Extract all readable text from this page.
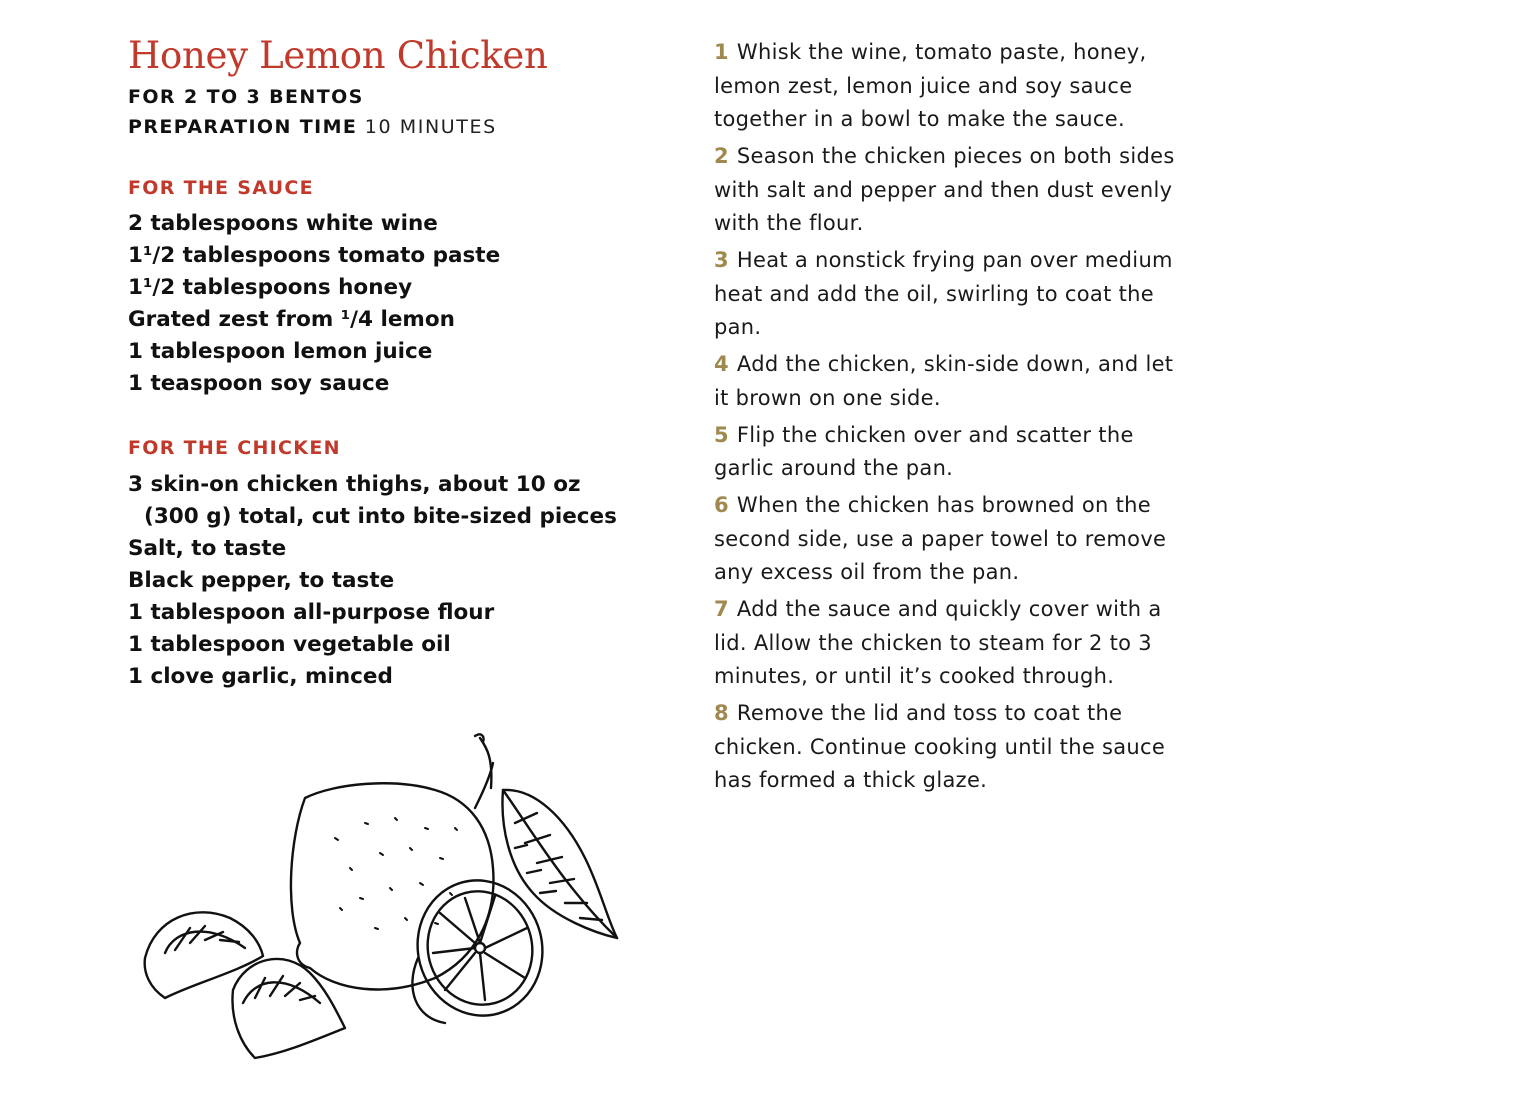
Honey Lemon Chicken
FOR 2 TO 3 BENTOS
PREPARATION TIME 10 MINUTES
FOR THE SAUCE
2 tablespoons white wine
1¹/2 tablespoons tomato paste
1¹/2 tablespoons honey
Grated zest from ¹/4 lemon
1 tablespoon lemon juice
1 teaspoon soy sauce
FOR THE CHICKEN
3 skin-on chicken thighs, about 10 oz
(300 g) total, cut into bite-sized pieces
Salt, to taste
Black pepper, to taste
1 tablespoon all-purpose flour
1 tablespoon vegetable oil
1 clove garlic, minced
1 Whisk the wine, tomato paste, honey,
lemon zest, lemon juice and soy sauce
together in a bowl to make the sauce.
2 Season the chicken pieces on both sides
with salt and pepper and then dust evenly
with the flour.
3 Heat a nonstick frying pan over medium
heat and add the oil, swirling to coat the
pan.
4 Add the chicken, skin-side down, and let
it brown on one side.
5 Flip the chicken over and scatter the
garlic around the pan.
6 When the chicken has browned on the
second side, use a paper towel to remove
any excess oil from the pan.
7 Add the sauce and quickly cover with a
lid. Allow the chicken to steam for 2 to 3
minutes, or until it’s cooked through.
8 Remove the lid and toss to coat the
chicken. Continue cooking until the sauce
has formed a thick glaze.
